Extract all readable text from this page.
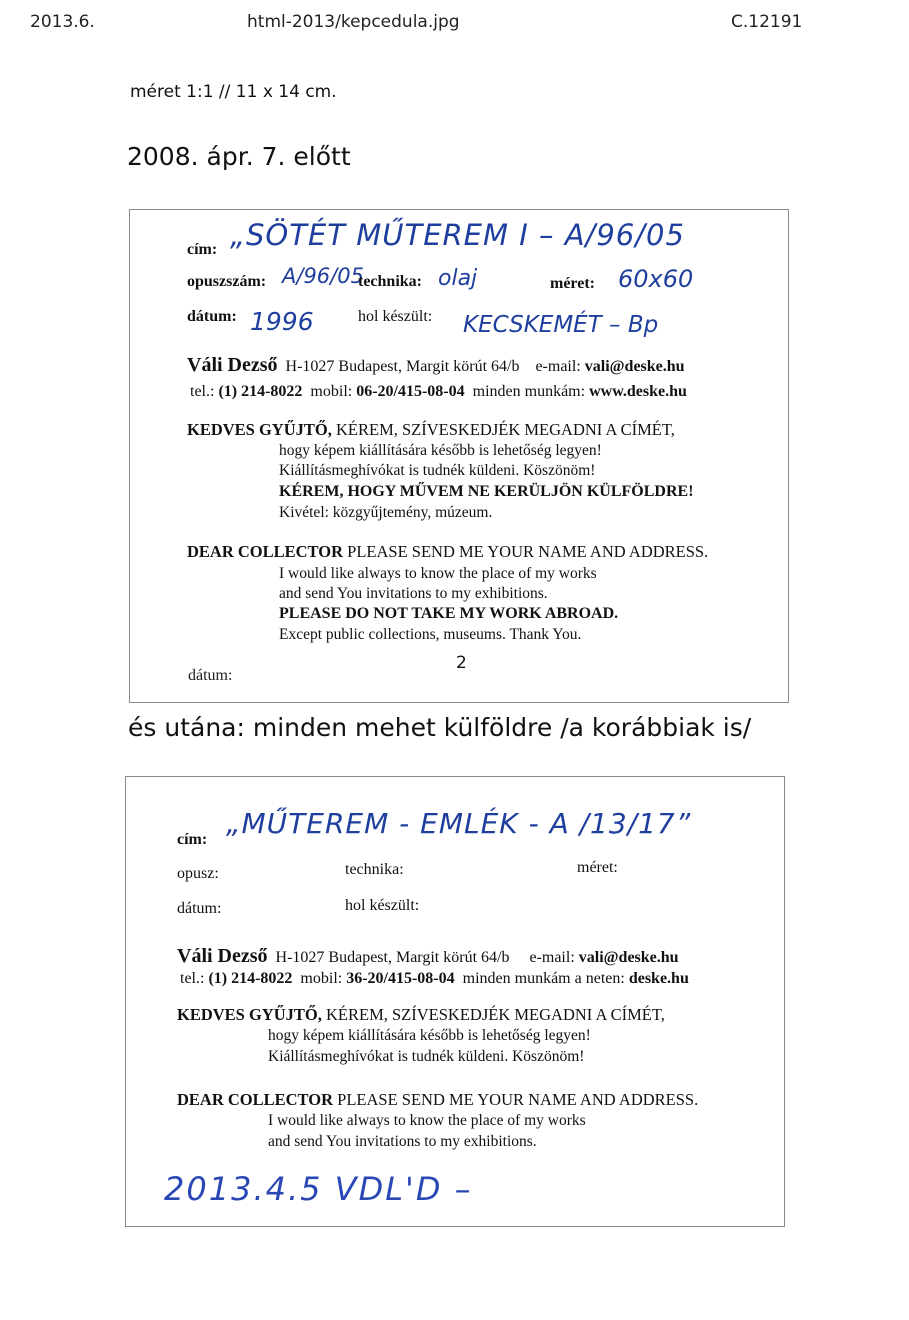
2013.6.	html-2013/kepcedula.jpg	C.12191
méret 1:1 // 11 x 14 cm.
2008. ápr. 7. előtt
cím: „SÖTÉT MŰTEREM I – A/96/05
opuszszám: A/96/05
technika: olaj	méret: 60x60
dátum: 1996	hol készült: KECSKEMÉT – Bp
Váli Dezső H-1027 Budapest, Margit körút 64/b e-mail: vali@deske.hu
tel.: (1) 214-8022 mobil: 06-20/415-08-04 minden munkám: www.deske.hu
KEDVES GYŰJTŐ, KÉREM, SZÍVESKEDJÉK MEGADNI A CÍMÉT,
hogy képem kiállítására később is lehetőség legyen!
Kiállításmeghívókat is tudnék küldeni. Köszönöm!
KÉREM, HOGY MŰVEM NE KERÜLJÖN KÜLFÖLDRE!
Kivétel: közgyűjtemény, múzeum.
DEAR COLLECTOR PLEASE SEND ME YOUR NAME AND ADDRESS.
I would like always to know the place of my works
and send You invitations to my exhibitions.
PLEASE DO NOT TAKE MY WORK ABROAD.
Except public collections, museums. Thank You.
2
dátum:
és utána: minden mehet külföldre /a korábbiak is/
cím: „MŰTEREM - EMLÉK - A /13/17”
opusz:	technika:	méret:
dátum:	hol készült:
Váli Dezső H-1027 Budapest, Margit körút 64/b e-mail: vali@deske.hu
tel.: (1) 214-8022 mobil: 36-20/415-08-04 minden munkám a neten: deske.hu
KEDVES GYŰJTŐ, KÉREM, SZÍVESKEDJÉK MEGADNI A CÍMÉT,
hogy képem kiállítására később is lehetőség legyen!
Kiállításmeghívókat is tudnék küldeni. Köszönöm!
DEAR COLLECTOR PLEASE SEND ME YOUR NAME AND ADDRESS.
I would like always to know the place of my works
and send You invitations to my exhibitions.
2013.4.5 VDL'D –
